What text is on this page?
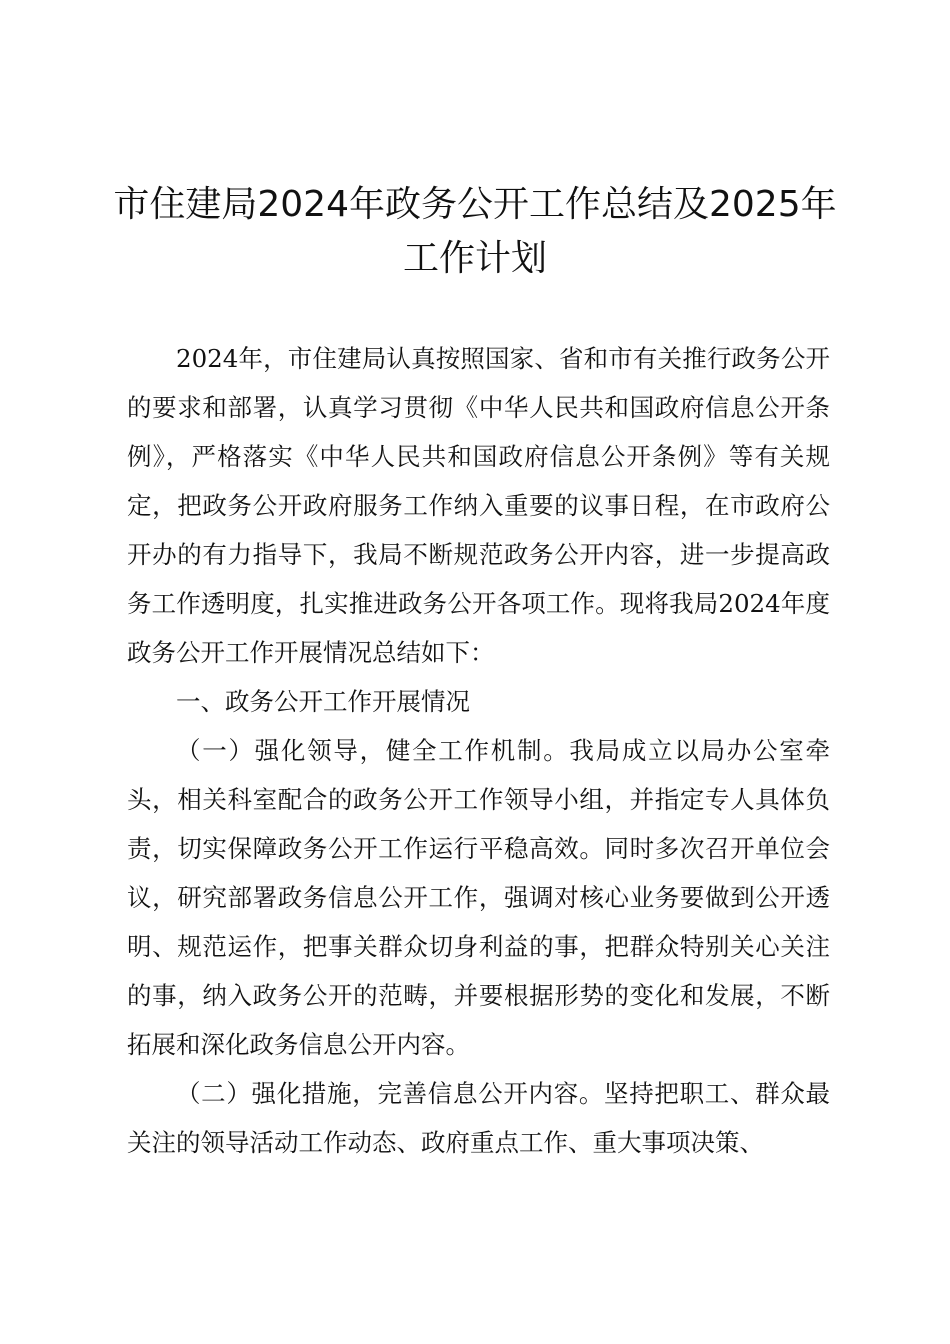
市住建局2024年政务公开工作总结及2025年
工作计划

2024年，市住建局认真按照国家、省和市有关推行政务公开的要求和部署，认真学习贯彻《中华人民共和国政府信息公开条例》，严格落实《中华人民共和国政府信息公开条例》等有关规定，把政务公开政府服务工作纳入重要的议事日程，在市政府公开办的有力指导下，我局不断规范政务公开内容，进一步提高政务工作透明度，扎实推进政务公开各项工作。现将我局2024年度政务公开工作开展情况总结如下：

一、政务公开工作开展情况

（一）强化领导，健全工作机制。我局成立以局办公室牵头，相关科室配合的政务公开工作领导小组，并指定专人具体负责，切实保障政务公开工作运行平稳高效。同时多次召开单位会议，研究部署政务信息公开工作，强调对核心业务要做到公开透明、规范运作，把事关群众切身利益的事，把群众特别关心关注的事，纳入政务公开的范畴，并要根据形势的变化和发展，不断拓展和深化政务信息公开内容。

（二）强化措施，完善信息公开内容。坚持把职工、群众最关注的领导活动工作动态、政府重点工作、重大事项决策、
